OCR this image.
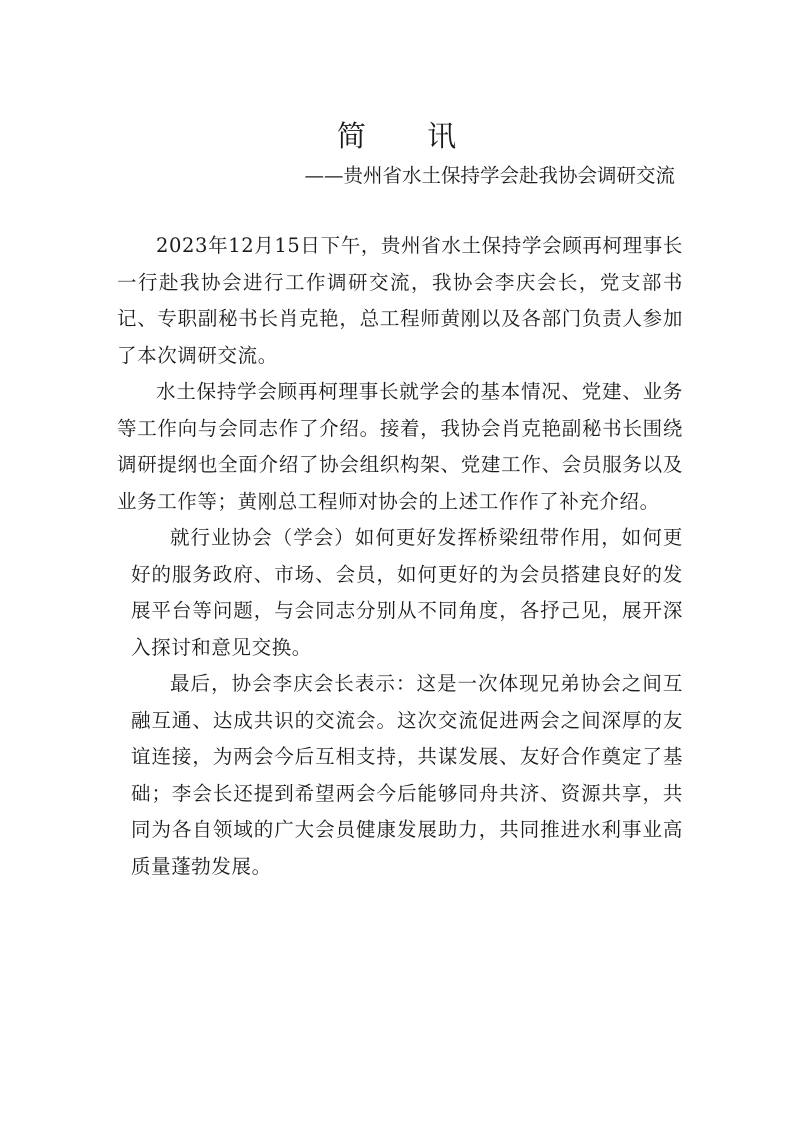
简 讯
——贵州省水土保持学会赴我协会调研交流

2023年12月15日下午，贵州省水土保持学会顾再柯理事长一行赴我协会进行工作调研交流，我协会李庆会长，党支部书记、专职副秘书长肖克艳，总工程师黄刚以及各部门负责人参加了本次调研交流。

水土保持学会顾再柯理事长就学会的基本情况、党建、业务等工作向与会同志作了介绍。接着，我协会肖克艳副秘书长围绕调研提纲也全面介绍了协会组织构架、党建工作、会员服务以及业务工作等；黄刚总工程师对协会的上述工作作了补充介绍。

就行业协会（学会）如何更好发挥桥梁纽带作用，如何更好的服务政府、市场、会员，如何更好的为会员搭建良好的发展平台等问题，与会同志分别从不同角度，各抒己见，展开深入探讨和意见交换。

最后，协会李庆会长表示：这是一次体现兄弟协会之间互融互通、达成共识的交流会。这次交流促进两会之间深厚的友谊连接，为两会今后互相支持，共谋发展、友好合作奠定了基础；李会长还提到希望两会今后能够同舟共济、资源共享，共同为各自领域的广大会员健康发展助力，共同推进水利事业高质量蓬勃发展。
